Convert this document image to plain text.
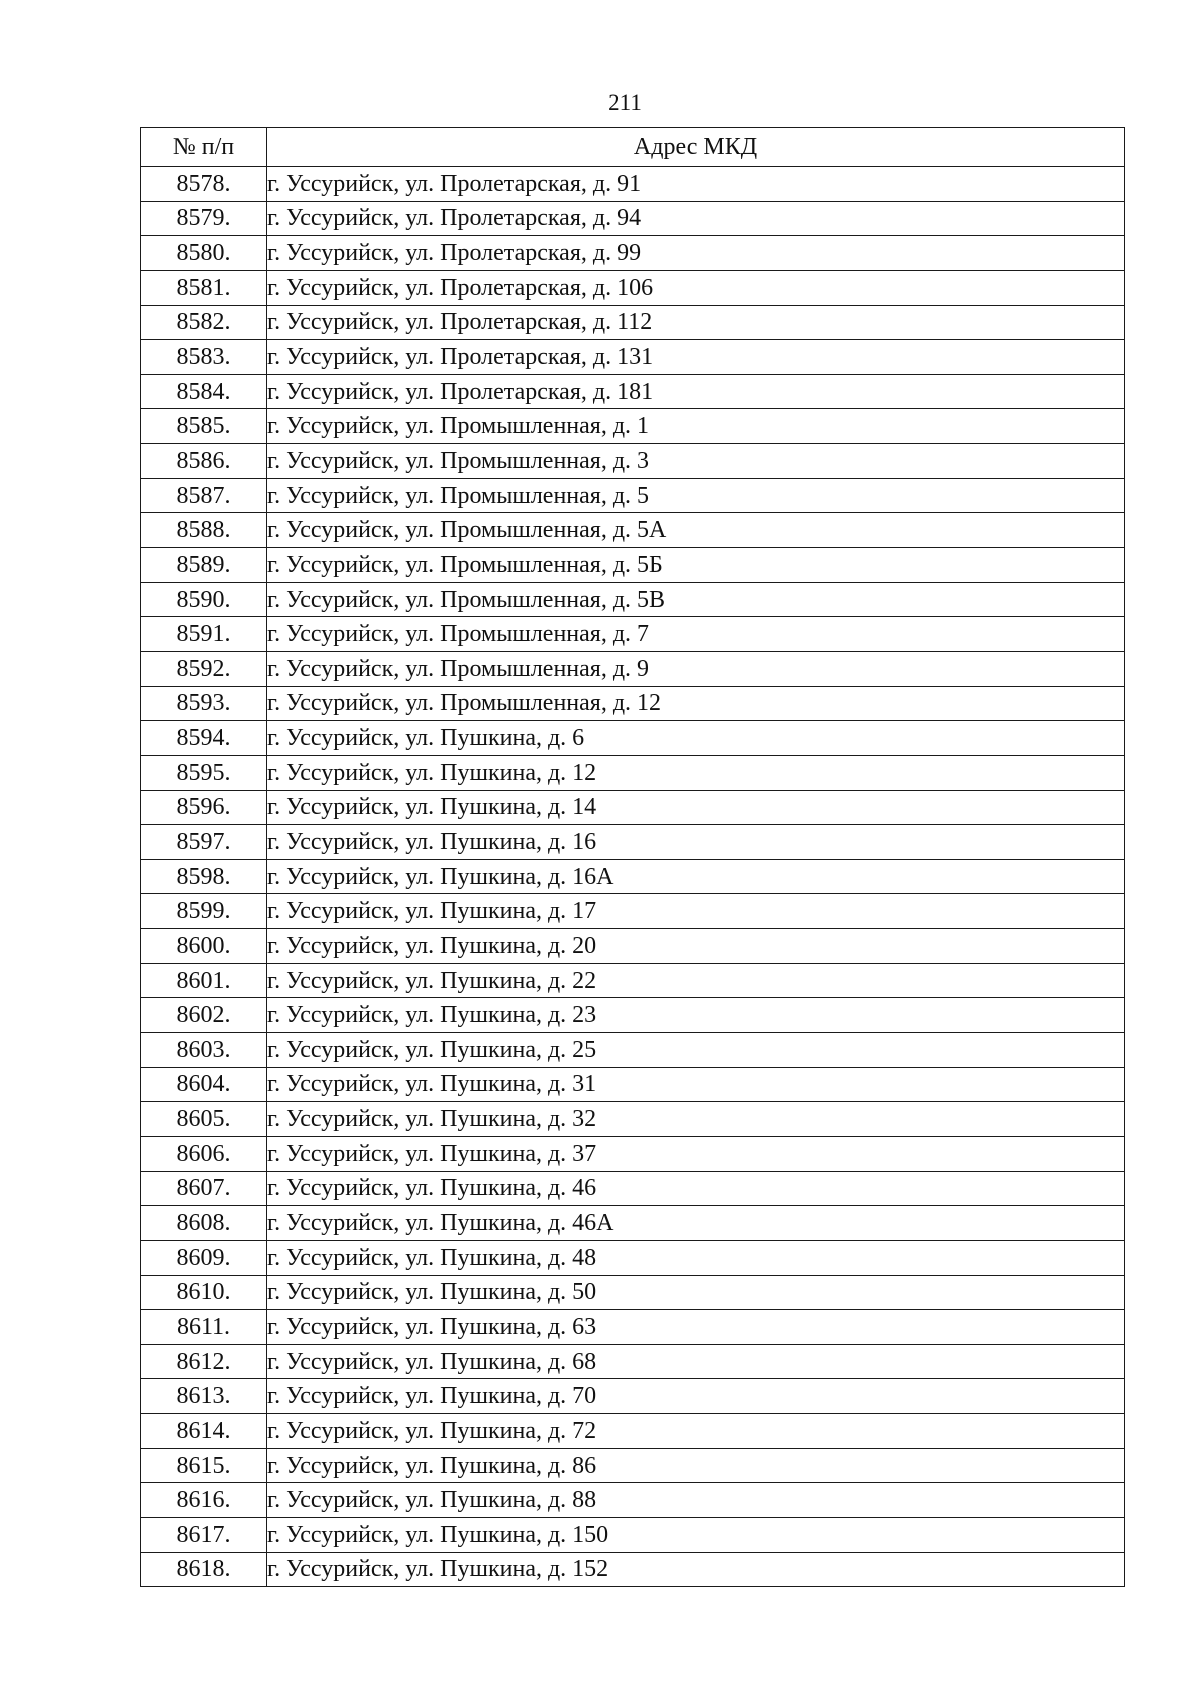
211
№ п/п	Адрес МКД
8578.	г. Уссурийск, ул. Пролетарская, д. 91
8579.	г. Уссурийск, ул. Пролетарская, д. 94
8580.	г. Уссурийск, ул. Пролетарская, д. 99
8581.	г. Уссурийск, ул. Пролетарская, д. 106
8582.	г. Уссурийск, ул. Пролетарская, д. 112
8583.	г. Уссурийск, ул. Пролетарская, д. 131
8584.	г. Уссурийск, ул. Пролетарская, д. 181
8585.	г. Уссурийск, ул. Промышленная, д. 1
8586.	г. Уссурийск, ул. Промышленная, д. 3
8587.	г. Уссурийск, ул. Промышленная, д. 5
8588.	г. Уссурийск, ул. Промышленная, д. 5А
8589.	г. Уссурийск, ул. Промышленная, д. 5Б
8590.	г. Уссурийск, ул. Промышленная, д. 5В
8591.	г. Уссурийск, ул. Промышленная, д. 7
8592.	г. Уссурийск, ул. Промышленная, д. 9
8593.	г. Уссурийск, ул. Промышленная, д. 12
8594.	г. Уссурийск, ул. Пушкина, д. 6
8595.	г. Уссурийск, ул. Пушкина, д. 12
8596.	г. Уссурийск, ул. Пушкина, д. 14
8597.	г. Уссурийск, ул. Пушкина, д. 16
8598.	г. Уссурийск, ул. Пушкина, д. 16А
8599.	г. Уссурийск, ул. Пушкина, д. 17
8600.	г. Уссурийск, ул. Пушкина, д. 20
8601.	г. Уссурийск, ул. Пушкина, д. 22
8602.	г. Уссурийск, ул. Пушкина, д. 23
8603.	г. Уссурийск, ул. Пушкина, д. 25
8604.	г. Уссурийск, ул. Пушкина, д. 31
8605.	г. Уссурийск, ул. Пушкина, д. 32
8606.	г. Уссурийск, ул. Пушкина, д. 37
8607.	г. Уссурийск, ул. Пушкина, д. 46
8608.	г. Уссурийск, ул. Пушкина, д. 46А
8609.	г. Уссурийск, ул. Пушкина, д. 48
8610.	г. Уссурийск, ул. Пушкина, д. 50
8611.	г. Уссурийск, ул. Пушкина, д. 63
8612.	г. Уссурийск, ул. Пушкина, д. 68
8613.	г. Уссурийск, ул. Пушкина, д. 70
8614.	г. Уссурийск, ул. Пушкина, д. 72
8615.	г. Уссурийск, ул. Пушкина, д. 86
8616.	г. Уссурийск, ул. Пушкина, д. 88
8617.	г. Уссурийск, ул. Пушкина, д. 150
8618.	г. Уссурийск, ул. Пушкина, д. 152
